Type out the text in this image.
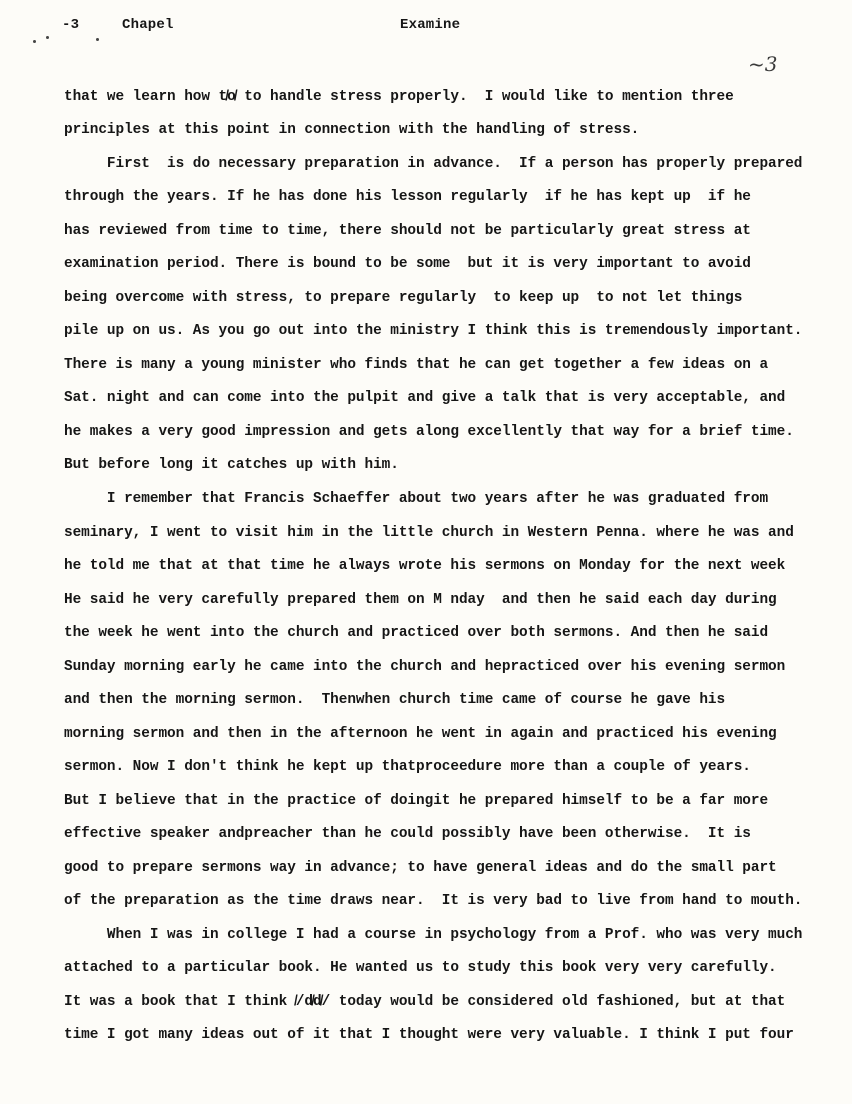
-3	Chapel	Examine
~3
that we learn how t̸o̸ to handle stress properly.  I would like to mention three
principles at this point in connection with the handling of stress.
First  is do necessary preparation in advance.  If a person has properly prepared
through the years. If he has done his lesson regularly  if he has kept up  if he
has reviewed from time to time, there should not be particularly great stress at
examination period. There is bound to be some  but it is very important to avoid
being overcome with stress, to prepare regularly  to keep up  to not let things
pile up on us. As you go out into the ministry I think this is tremendously important.
There is many a young minister who finds that he can get together a few ideas on a
Sat. night and can come into the pulpit and give a talk that is very acceptable, and
he makes a very good impression and gets along excellently that way for a brief time.
But before long it catches up with him.
I remember that Francis Schaeffer about two years after he was graduated from
seminary, I went to visit him in the little church in Western Penna. where he was and
he told me that at that time he always wrote his sermons on Monday for the next week
He said he very carefully prepared them on M nday  and then he said each day during
the week he went into the church and practiced over both sermons. And then he said
Sunday morning early he came into the church and hepracticed over his evening sermon
and then the morning sermon.  Thenwhen church time came of course he gave his
morning sermon and then in the afternoon he went in again and practiced his evening
sermon. Now I don't think he kept up thatproceedure more than a couple of years.
But I believe that in the practice of doingit he prepared himself to be a far more
effective speaker andpreacher than he could possibly have been otherwise.  It is
good to prepare sermons way in advance; to have general ideas and do the small part
of the preparation as the time draws near.  It is very bad to live from hand to mouth.
When I was in college I had a course in psychology from a Prof. who was very much
attached to a particular book. He wanted us to study this book very very carefully.
It was a book that I think ̸/d̸d̸/ today would be considered old fashioned, but at that
time I got many ideas out of it that I thought were very valuable. I think I put four
